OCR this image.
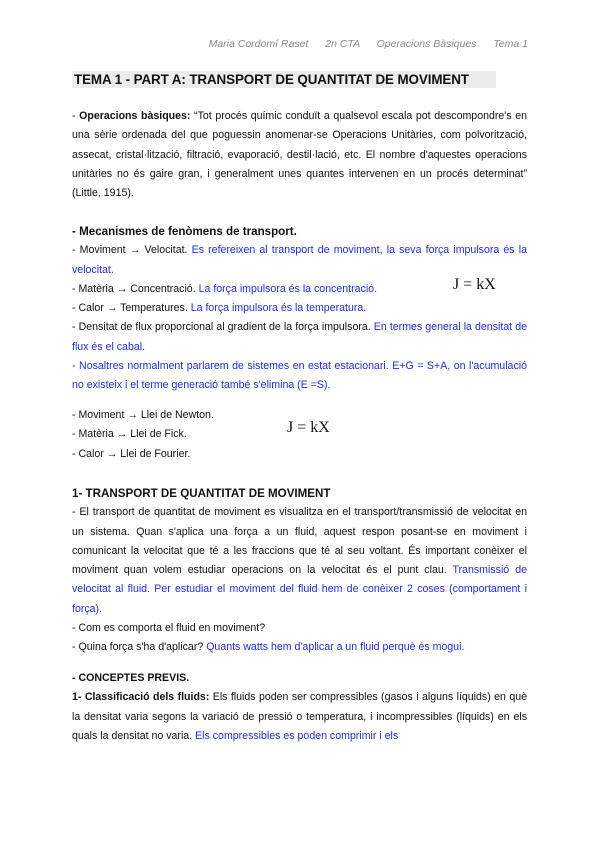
Maria Cordomí Raset 2n CTA Operacions Bàsiques Tema 1
TEMA 1 - PART A: TRANSPORT DE QUANTITAT DE MOVIMENT
- Operacions bàsiques: “Tot procés químic conduït a qualsevol escala pot descompondre's en una sèrie ordenada del que poguessin anomenar-se Operacions Unitàries, com polvorització, assecat, cristal·lització, filtració, evaporació, destil·lació, etc. El nombre d'aquestes operacions unitàries no és gaire gran, i generalment unes quantes intervenen en un procés determinat” (Little, 1915).

- Mecanismes de fenòmens de transport.

- Moviment → Velocitat. Es refereixen al transport de moviment, la seva força impulsora és la velocitat.

- Matèria → Concentració. La força impulsora és la concentració.

- Calor → Temperatures. La força impulsora és la temperatura.

- Densitat de flux proporcional al gradient de la força impulsora. En termes general la densitat de flux és el cabal.

- Nosaltres normalment parlarem de sistemes en estat estacionari. E+G = S+A, on l'acumulació no existeix i el terme generació també s'elimina (E =S).

J = kX

- Moviment → Llei de Newton.

- Matèria → Llei de Fick.

- Calor → Llei de Fourier.

J = kX

1- TRANSPORT DE QUANTITAT DE MOVIMENT

- El transport de quantitat de moviment es visualitza en el transport/transmissió de velocitat en un sistema. Quan s'aplica una força a un fluid, aquest respon posant-se en moviment i comunicant la velocitat que té a les fraccions que té al seu voltant. És important conèixer el moviment quan volem estudiar operacions on la velocitat és el punt clau. Transmissió de velocitat al fluid. Per estudiar el moviment del fluid hem de conèixer 2 coses (comportament i força).

- Com es comporta el fluid en moviment?

- Quina força s'ha d'aplicar? Quants watts hem d'aplicar a un fluid perquè és mogui.

- CONCEPTES PREVIS.

1- Classificació dels fluids: Els fluids poden ser compressibles (gasos i alguns líquids) en què la densitat varia segons la variació de pressió o temperatura, i incompressibles (líquids) en els quals la densitat no varia. Els compressibles es poden comprimir i els
